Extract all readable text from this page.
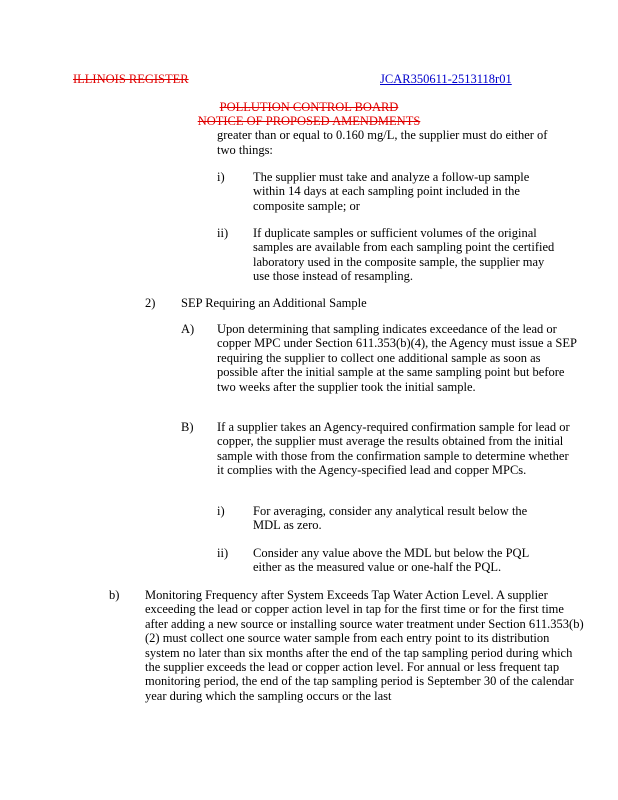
ILLINOIS REGISTER	JCAR350611-2513118r01
POLLUTION CONTROL BOARD
NOTICE OF PROPOSED AMENDMENTS
greater than or equal to 0.160 mg/L, the supplier must do either of
two things:
i) The supplier must take and analyze a follow-up sample within 14 days at each sampling point included in the composite sample; or
ii) If duplicate samples or sufficient volumes of the original samples are available from each sampling point the certified laboratory used in the composite sample, the supplier may use those instead of resampling.
2) SEP Requiring an Additional Sample
A) Upon determining that sampling indicates exceedance of the lead or copper MPC under Section 611.353(b)(4), the Agency must issue a SEP requiring the supplier to collect one additional sample as soon as possible after the initial sample at the same sampling point but before two weeks after the supplier took the initial sample.
B) If a supplier takes an Agency-required confirmation sample for lead or copper, the supplier must average the results obtained from the initial sample with those from the confirmation sample to determine whether it complies with the Agency-specified lead and copper MPCs.
i) For averaging, consider any analytical result below the MDL as zero.
ii) Consider any value above the MDL but below the PQL either as the measured value or one-half the PQL.
b) Monitoring Frequency after System Exceeds Tap Water Action Level. A supplier exceeding the lead or copper action level in tap for the first time or for the first time after adding a new source or installing source water treatment under Section 611.353(b)(2) must collect one source water sample from each entry point to its distribution system no later than six months after the end of the tap sampling period during which the supplier exceeds the lead or copper action level. For annual or less frequent tap monitoring period, the end of the tap sampling period is September 30 of the calendar year during which the sampling occurs or the last
